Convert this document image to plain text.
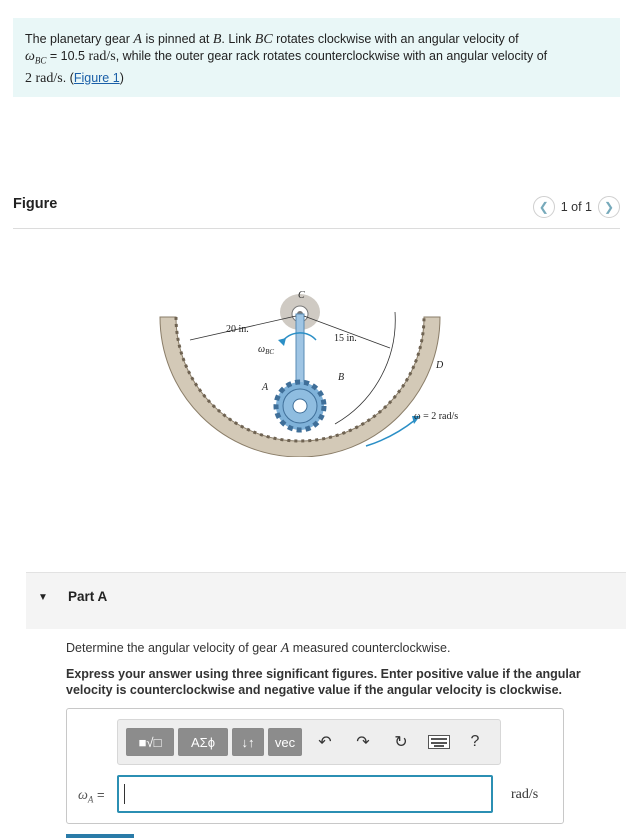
The planetary gear A is pinned at B. Link BC rotates clockwise with an angular velocity of
$\omega_{BC} = 10.5$ rad/s, while the outer gear rack rotates counterclockwise with an angular velocity of
2 rad/s. (Figure 1)
Figure	❮ 1 of 1 ❯
C
20 in.
15 in.
D
A
B
$\omega_{BC}$
ω = 2 rad/s
▼ Part A
Determine the angular velocity of gear A measured counterclockwise.
Express your answer using three significant figures. Enter positive value if the angular velocity is counterclockwise and negative value if the angular velocity is clockwise.
■√□	ΑΣϕ	↓↑	vec	↶ ↷ ↻	?
$\omega_A$ =	rad/s
